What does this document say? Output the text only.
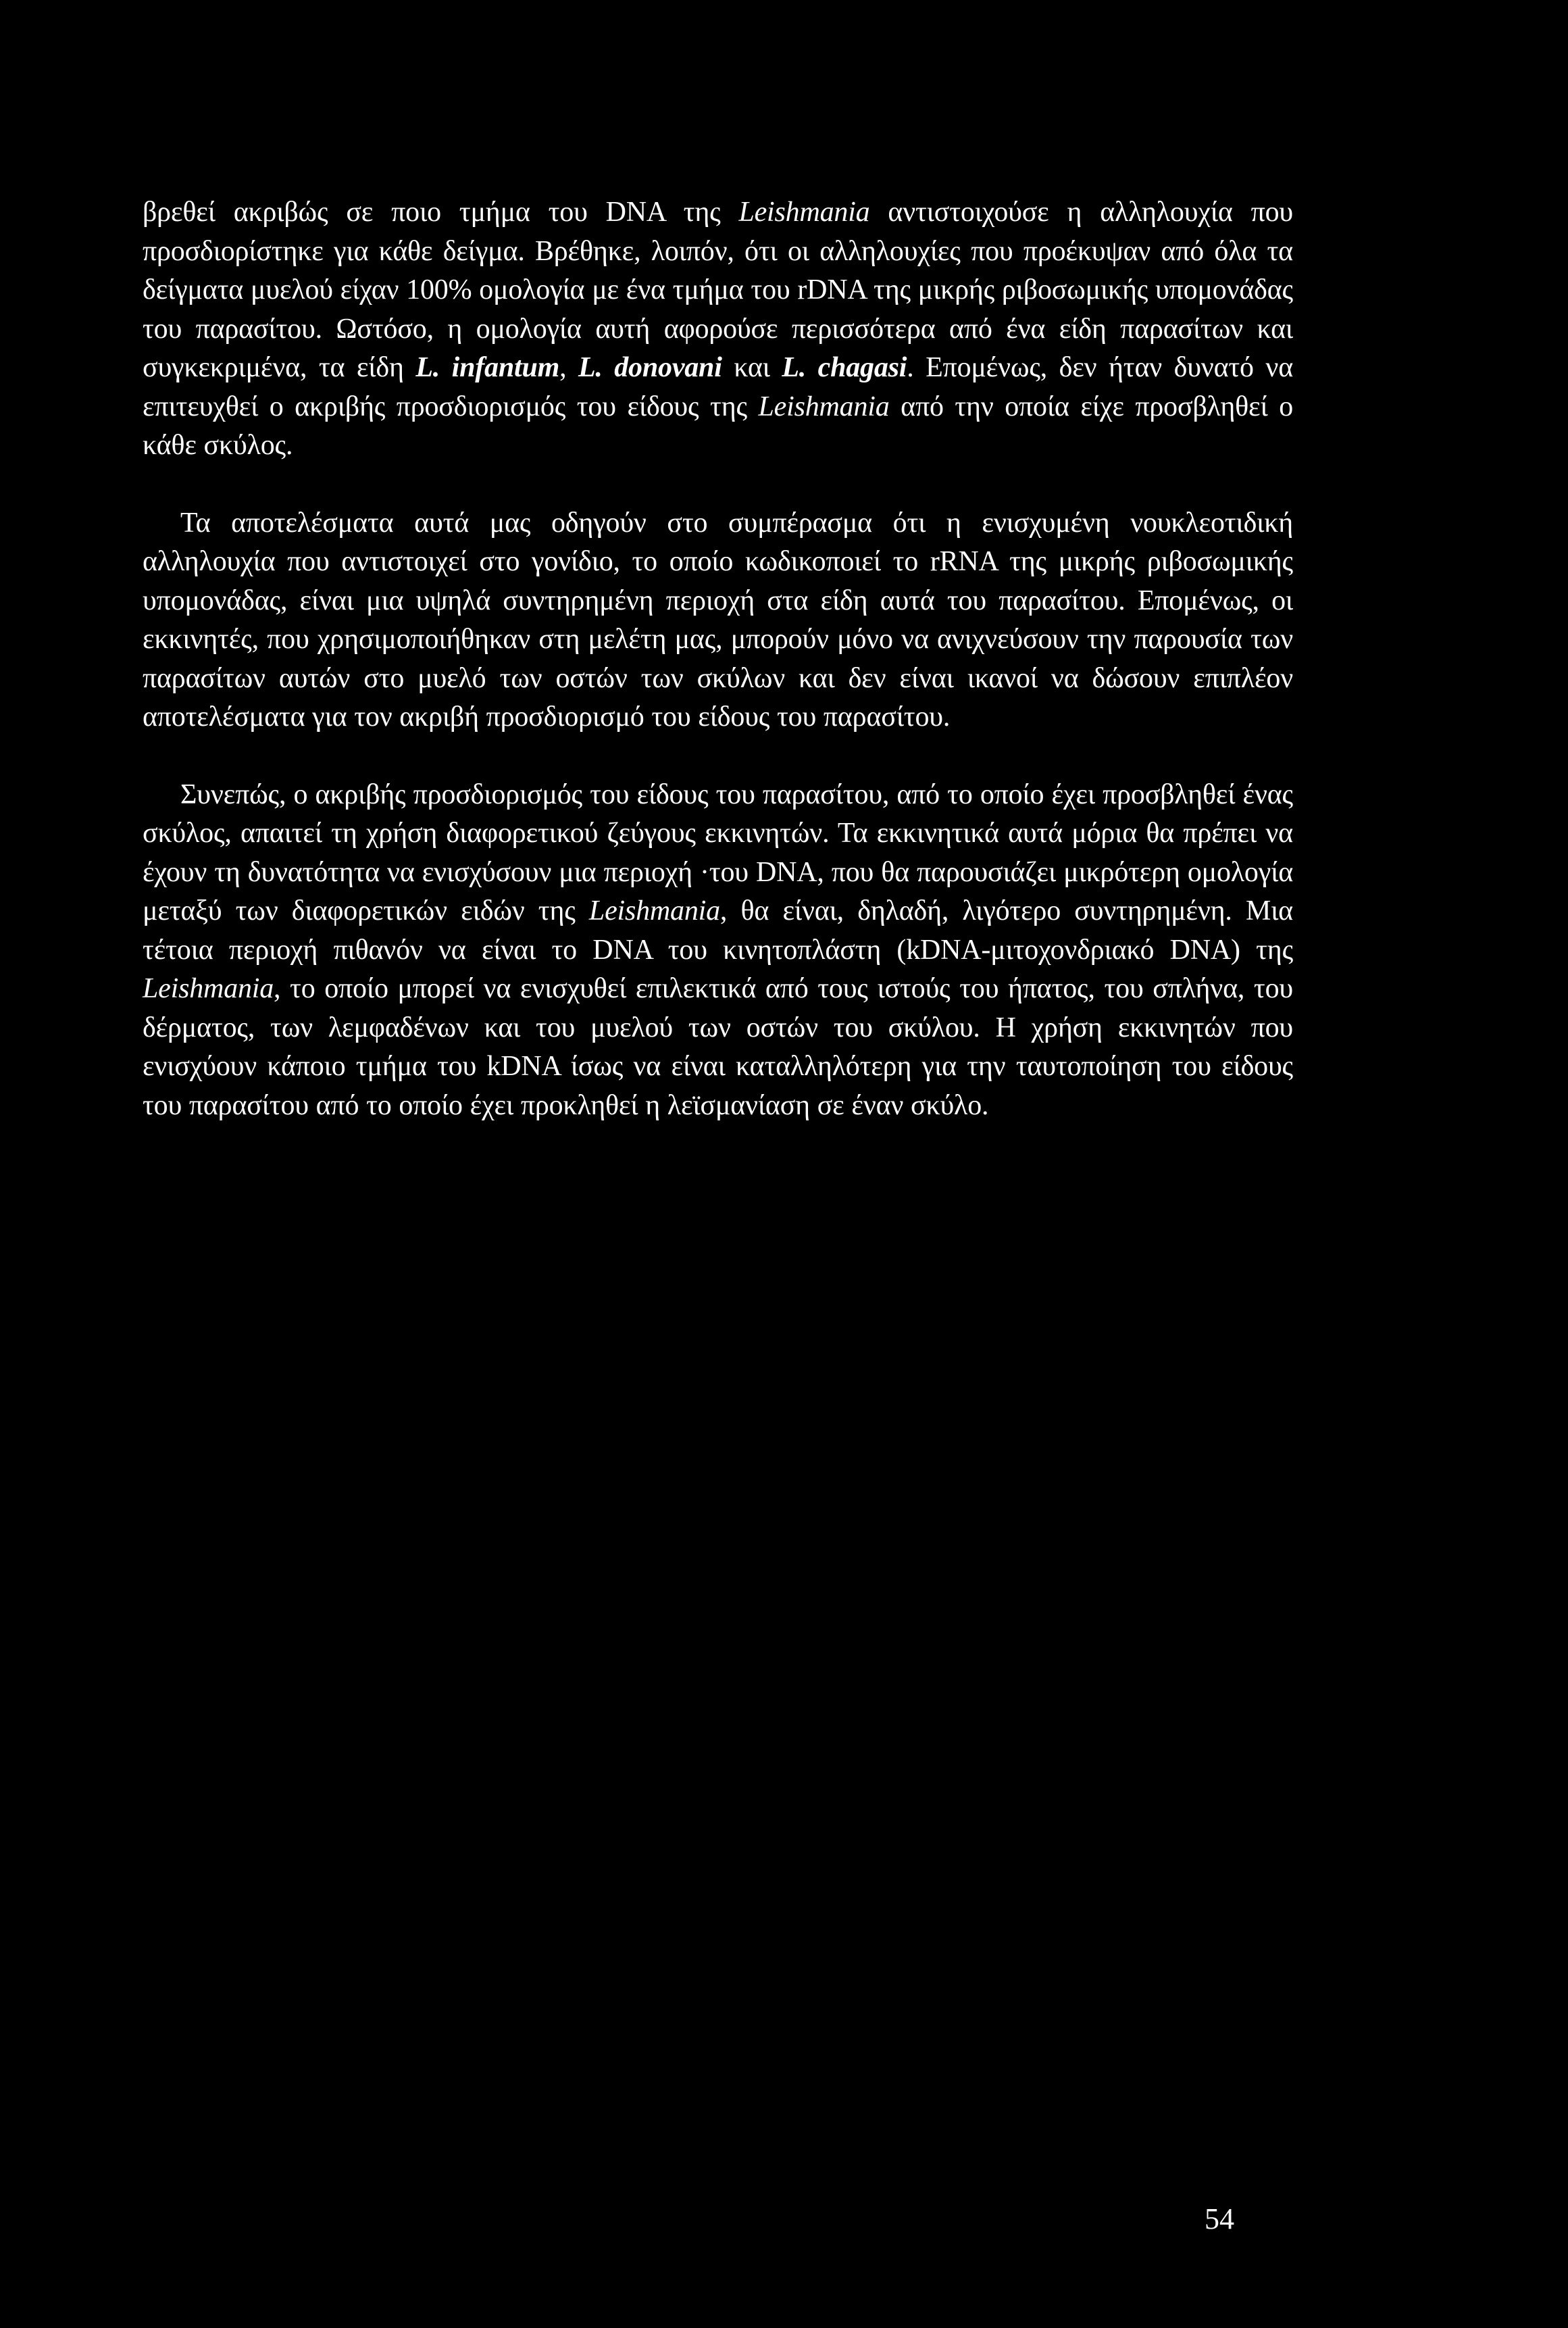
βρεθεί ακριβώς σε ποιο τμήμα του DNA της Leishmania αντιστοιχούσε η αλληλουχία που προσδιορίστηκε για κάθε δείγμα. Βρέθηκε, λοιπόν, ότι οι αλληλουχίες που προέκυψαν από όλα τα δείγματα μυελού είχαν 100% ομολογία με ένα τμήμα του rDNA της μικρής ριβοσωμικής υπομονάδας του παρασίτου. Ωστόσο, η ομολογία αυτή αφορούσε περισσότερα από ένα είδη παρασίτων και συγκεκριμένα, τα είδη L. infantum, L. donovani και L. chagasi. Επομένως, δεν ήταν δυνατό να επιτευχθεί ο ακριβής προσδιορισμός του είδους της Leishmania από την οποία είχε προσβληθεί ο κάθε σκύλος.

Τα αποτελέσματα αυτά μας οδηγούν στο συμπέρασμα ότι η ενισχυμένη νουκλεοτιδική αλληλουχία που αντιστοιχεί στο γονίδιο, το οποίο κωδικοποιεί το rRNA της μικρής ριβοσωμικής υπομονάδας, είναι μια υψηλά συντηρημένη περιοχή στα είδη αυτά του παρασίτου. Επομένως, οι εκκινητές, που χρησιμοποιήθηκαν στη μελέτη μας, μπορούν μόνο να ανιχνεύσουν την παρουσία των παρασίτων αυτών στο μυελό των οστών των σκύλων και δεν είναι ικανοί να δώσουν επιπλέον αποτελέσματα για τον ακριβή προσδιορισμό του είδους του παρασίτου.

Συνεπώς, ο ακριβής προσδιορισμός του είδους του παρασίτου, από το οποίο έχει προσβληθεί ένας σκύλος, απαιτεί τη χρήση διαφορετικού ζεύγους εκκινητών. Τα εκκινητικά αυτά μόρια θα πρέπει να έχουν τη δυνατότητα να ενισχύσουν μια περιοχή ·του DNA, που θα παρουσιάζει μικρότερη ομολογία μεταξύ των διαφορετικών ειδών της Leishmania, θα είναι, δηλαδή, λιγότερο συντηρημένη. Μια τέτοια περιοχή πιθανόν να είναι το DNA του κινητοπλάστη (kDNA-μιτοχονδριακό DNA) της Leishmania, το οποίο μπορεί να ενισχυθεί επιλεκτικά από τους ιστούς του ήπατος, του σπλήνα, του δέρματος, των λεμφαδένων και του μυελού των οστών του σκύλου. Η χρήση εκκινητών που ενισχύουν κάποιο τμήμα του kDNA ίσως να είναι καταλληλότερη για την ταυτοποίηση του είδους του παρασίτου από το οποίο έχει προκληθεί η λεϊσμανίαση σε έναν σκύλο.

54
